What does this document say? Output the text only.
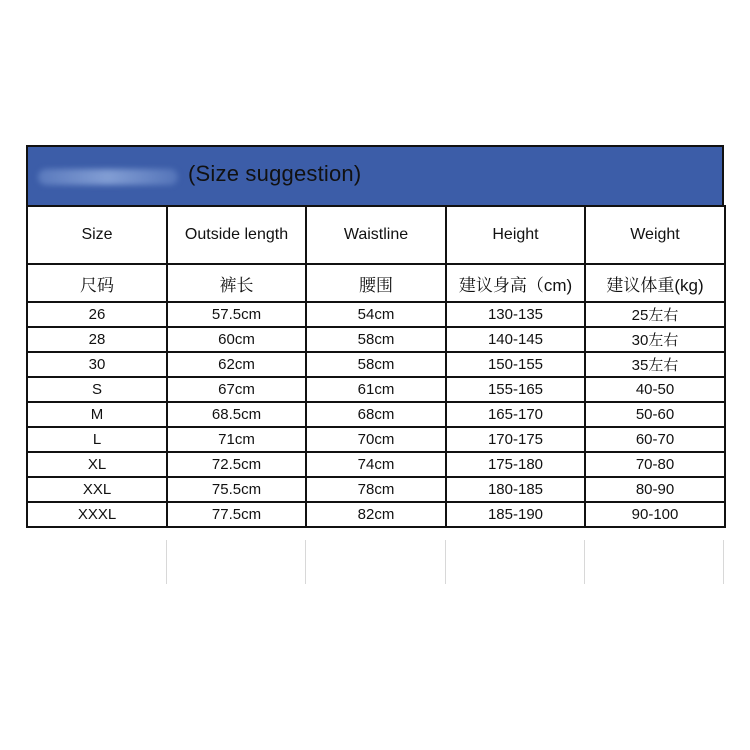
(Size suggestion)
Size	Outside length	Waistline	Height	Weight
尺码	裤长	腰围	建议身高（cm)	建议体重(kg)
26	57.5cm	54cm	130-135	25左右
28	60cm	58cm	140-145	30左右
30	62cm	58cm	150-155	35左右
S	67cm	61cm	155-165	40-50
M	68.5cm	68cm	165-170	50-60
L	71cm	70cm	170-175	60-70
XL	72.5cm	74cm	175-180	70-80
XXL	75.5cm	78cm	180-185	80-90
XXXL	77.5cm	82cm	185-190	90-100
